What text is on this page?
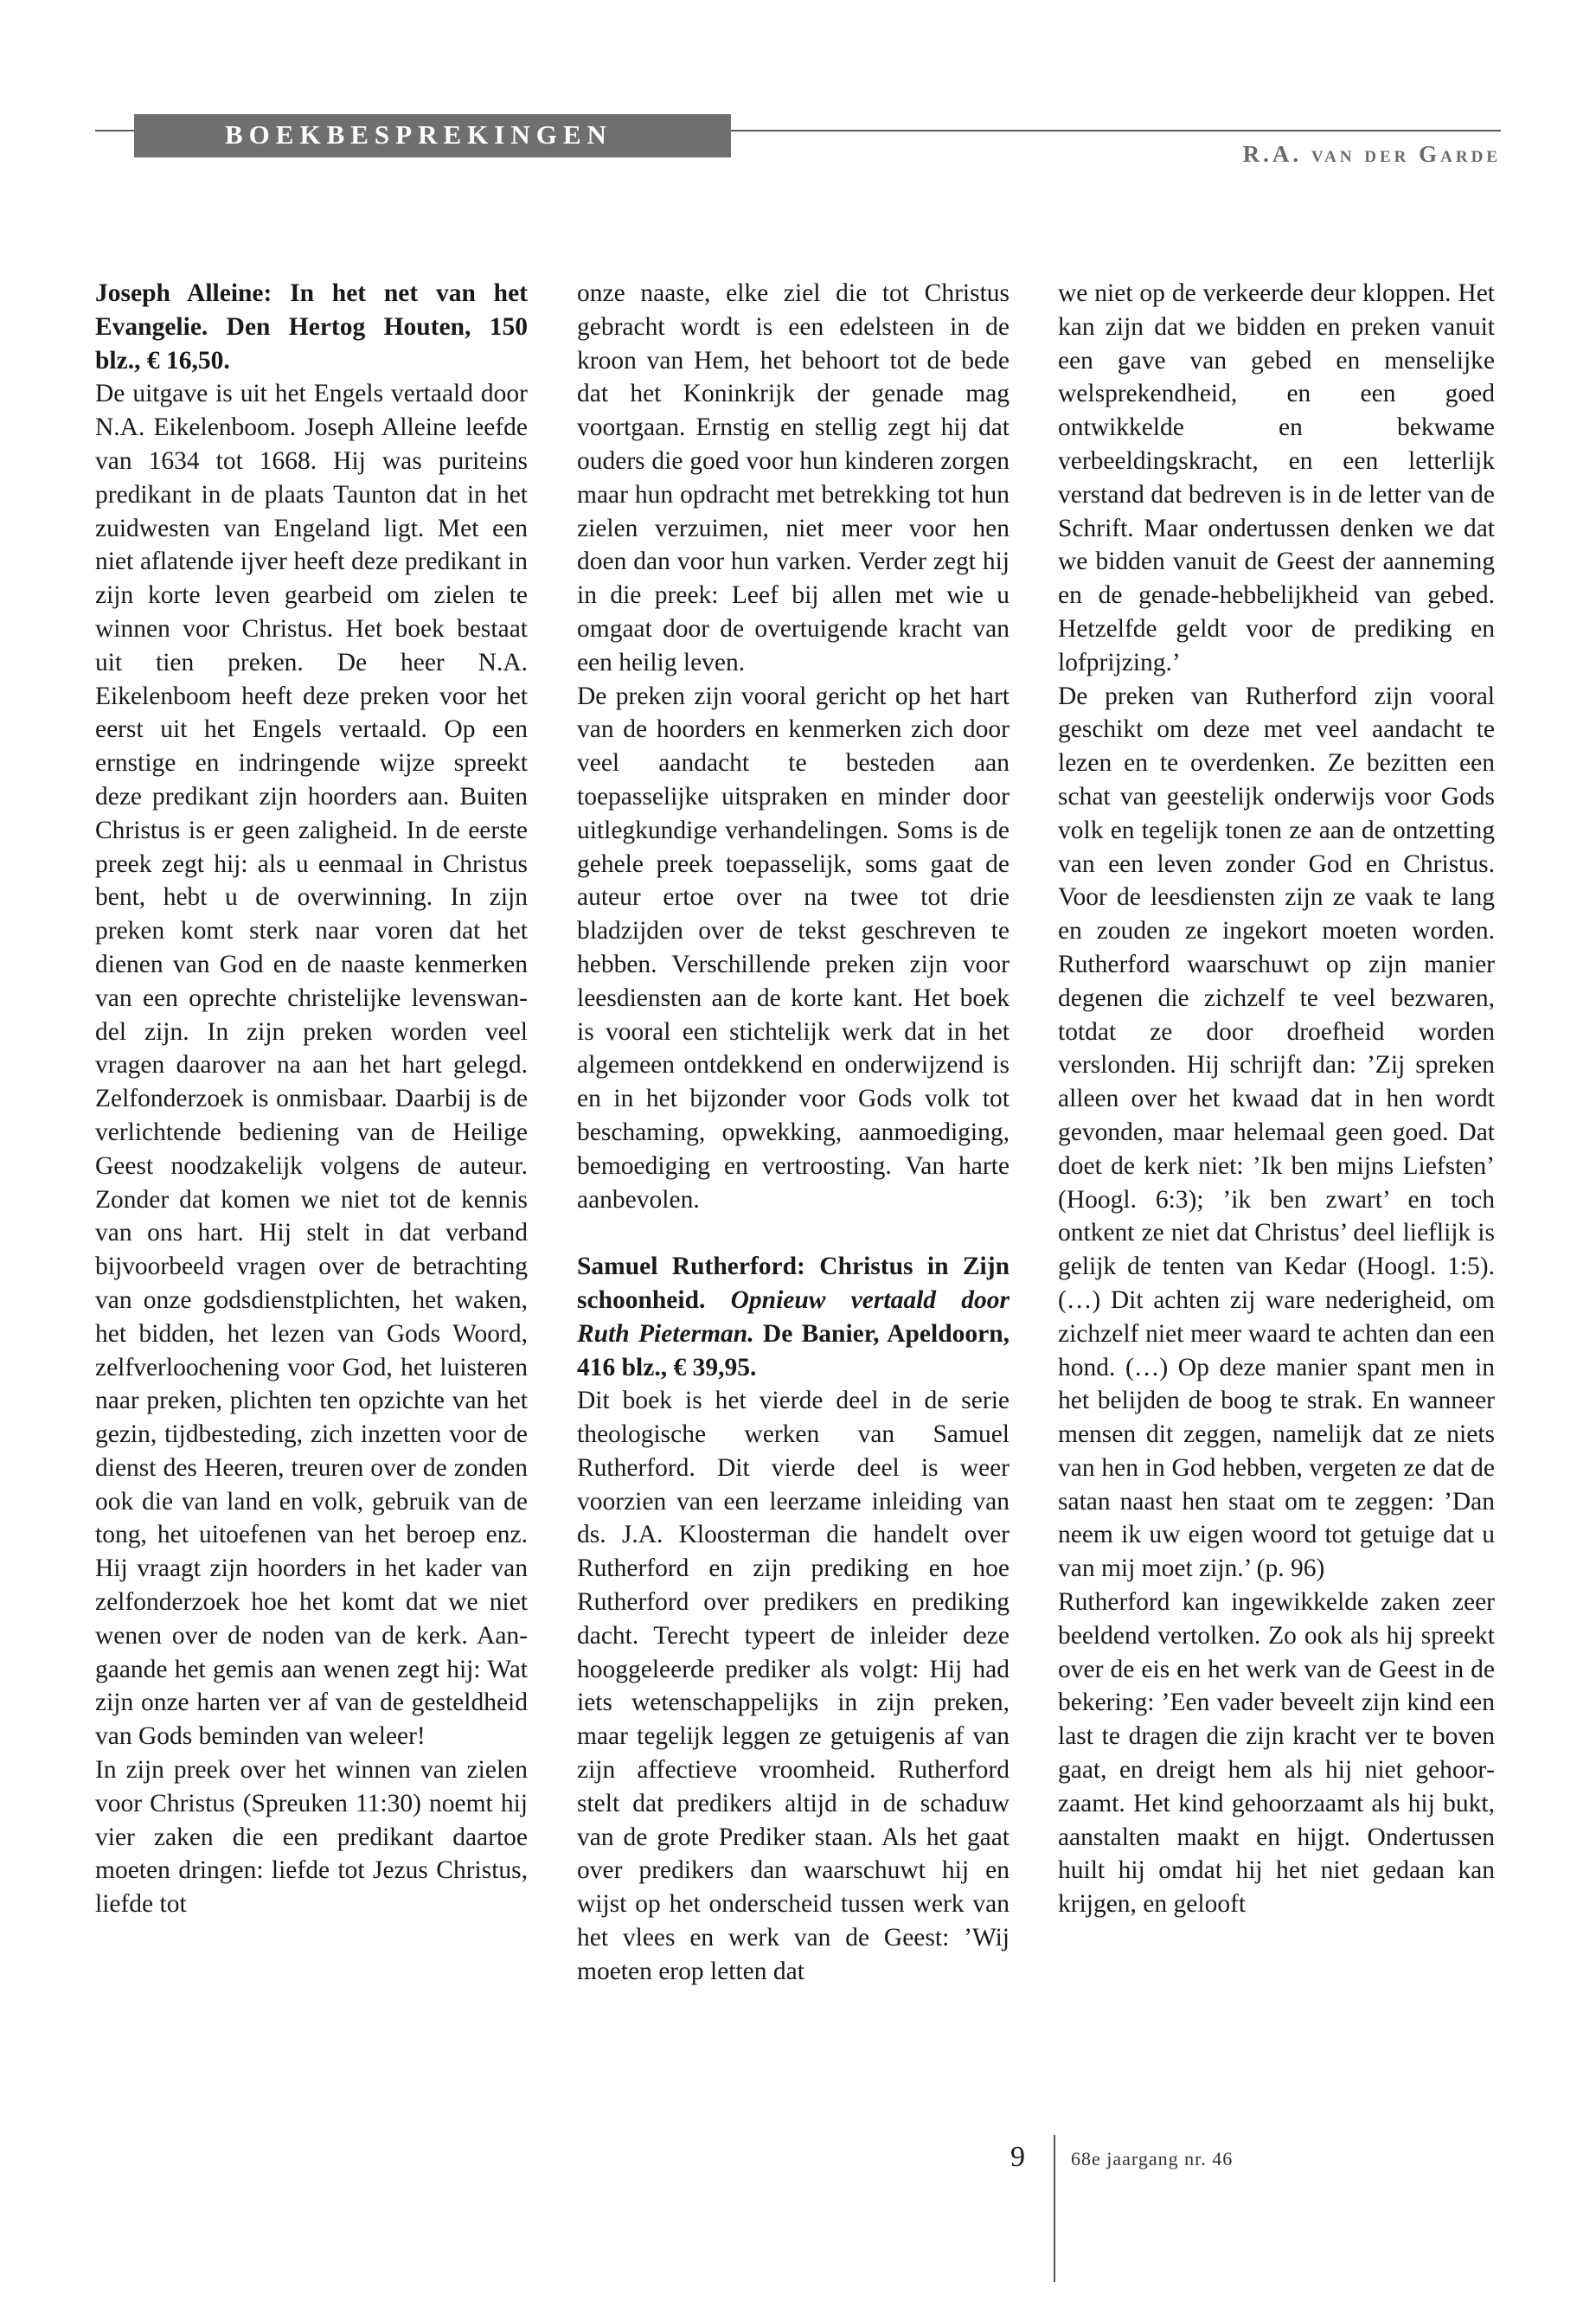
BOEKBESPREKINGEN
R.A. van der Garde

Joseph Alleine: In het net van het Evangelie. Den Hertog Houten, 150 blz., € 16,50.

De uitgave is uit het Engels vertaald door N.A. Eikelenboom. Joseph Alleine leefde van 1634 tot 1668. Hij was puriteins predikant in de plaats Taunton dat in het zuidwesten van Engeland ligt. Met een niet aflatende ijver heeft deze predikant in zijn korte leven gearbeid om zielen te winnen voor Christus. Het boek bestaat uit tien preken. De heer N.A. Eikelenboom heeft deze preken voor het eerst uit het Engels vertaald. Op een ernstige en indringende wijze spreekt deze predikant zijn hoorders aan. Buiten Christus is er geen zaligheid. In de eerste preek zegt hij: als u eenmaal in Christus bent, hebt u de overwinning. In zijn preken komt sterk naar voren dat het dienen van God en de naaste kenmerken van een oprechte christelijke levenswandel zijn. In zijn preken worden veel vragen daarover na aan het hart gelegd. Zelfonderzoek is onmisbaar. Daarbij is de verlichtende bediening van de Heilige Geest noodzakelijk volgens de auteur. Zonder dat komen we niet tot de kennis van ons hart. Hij stelt in dat verband bijvoorbeeld vragen over de betrachting van onze godsdienstplichten, het waken, het bidden, het lezen van Gods Woord, zelfverloochening voor God, het luisteren naar preken, plichten ten opzichte van het gezin, tijdbesteding, zich inzetten voor de dienst des Heeren, treuren over de zonden ook die van land en volk, gebruik van de tong, het uitoefenen van het beroep enz. Hij vraagt zijn hoorders in het kader van zelfonderzoek hoe het komt dat we niet wenen over de noden van de kerk. Aangaande het gemis aan wenen zegt hij: Wat zijn onze harten ver af van de gesteldheid van Gods beminden van weleer!

In zijn preek over het winnen van zielen voor Christus (Spreuken 11:30) noemt hij vier zaken die een predikant daartoe moeten dringen: liefde tot Jezus Christus, liefde tot

onze naaste, elke ziel die tot Christus gebracht wordt is een edelsteen in de kroon van Hem, het behoort tot de bede dat het Koninkrijk der genade mag voortgaan. Ernstig en stellig zegt hij dat ouders die goed voor hun kinderen zorgen maar hun opdracht met betrekking tot hun zielen verzuimen, niet meer voor hen doen dan voor hun varken. Verder zegt hij in die preek: Leef bij allen met wie u omgaat door de overtuigende kracht van een heilig leven.

De preken zijn vooral gericht op het hart van de hoorders en kenmerken zich door veel aandacht te besteden aan toepasselijke uitspraken en minder door uitlegkundige verhandelingen. Soms is de gehele preek toepasselijk, soms gaat de auteur ertoe over na twee tot drie bladzijden over de tekst geschreven te hebben. Verschillende preken zijn voor leesdiensten aan de korte kant. Het boek is vooral een stichtelijk werk dat in het algemeen ontdekkend en onderwijzend is en in het bijzonder voor Gods volk tot beschaming, opwekking, aanmoediging, bemoediging en vertroosting. Van harte aanbevolen.

Samuel Rutherford: Christus in Zijn schoonheid. Opnieuw vertaald door Ruth Pieterman. De Banier, Apeldoorn, 416 blz., € 39,95.

Dit boek is het vierde deel in de serie theologische werken van Samuel Rutherford. Dit vierde deel is weer voorzien van een leerzame inleiding van ds. J.A. Kloosterman die handelt over Rutherford en zijn prediking en hoe Rutherford over predikers en prediking dacht. Terecht typeert de inleider deze hooggeleerde prediker als volgt: Hij had iets wetenschappelijks in zijn preken, maar tegelijk leggen ze getuigenis af van zijn affectieve vroomheid. Rutherford stelt dat predikers altijd in de schaduw van de grote Prediker staan. Als het gaat over predikers dan waarschuwt hij en wijst op het onderscheid tussen werk van het vlees en werk van de Geest: ’Wij moeten erop letten dat

we niet op de verkeerde deur kloppen. Het kan zijn dat we bidden en preken vanuit een gave van gebed en menselijke welsprekendheid, en een goed ontwikkelde en bekwame verbeeldingskracht, en een letterlijk verstand dat bedreven is in de letter van de Schrift. Maar ondertussen denken we dat we bidden vanuit de Geest der aanneming en de genade-hebbelijkheid van gebed. Hetzelfde geldt voor de prediking en lofprijzing.’

De preken van Rutherford zijn vooral geschikt om deze met veel aandacht te lezen en te overdenken. Ze bezitten een schat van geestelijk onderwijs voor Gods volk en tegelijk tonen ze aan de ontzetting van een leven zonder God en Christus. Voor de leesdiensten zijn ze vaak te lang en zouden ze ingekort moeten worden. Rutherford waarschuwt op zijn manier degenen die zichzelf te veel bezwaren, totdat ze door droefheid worden verslonden. Hij schrijft dan: ’Zij spreken alleen over het kwaad dat in hen wordt gevonden, maar helemaal geen goed. Dat doet de kerk niet: ’Ik ben mijns Liefsten’ (Hoogl. 6:3); ’ik ben zwart’ en toch ontkent ze niet dat Christus’ deel lieflijk is gelijk de tenten van Kedar (Hoogl. 1:5). (…) Dit achten zij ware nederigheid, om zichzelf niet meer waard te achten dan een hond. (…) Op deze manier spant men in het belijden de boog te strak. En wanneer mensen dit zeggen, namelijk dat ze niets van hen in God hebben, vergeten ze dat de satan naast hen staat om te zeggen: ’Dan neem ik uw eigen woord tot getuige dat u van mij moet zijn.’ (p. 96)

Rutherford kan ingewikkelde zaken zeer beeldend vertolken. Zo ook als hij spreekt over de eis en het werk van de Geest in de bekering: ’Een vader beveelt zijn kind een last te dragen die zijn kracht ver te boven gaat, en dreigt hem als hij niet gehoorzaamt. Het kind gehoorzaamt als hij bukt, aanstalten maakt en hijgt. Ondertussen huilt hij omdat hij het niet gedaan kan krijgen, en gelooft

9 68e jaargang nr. 46
